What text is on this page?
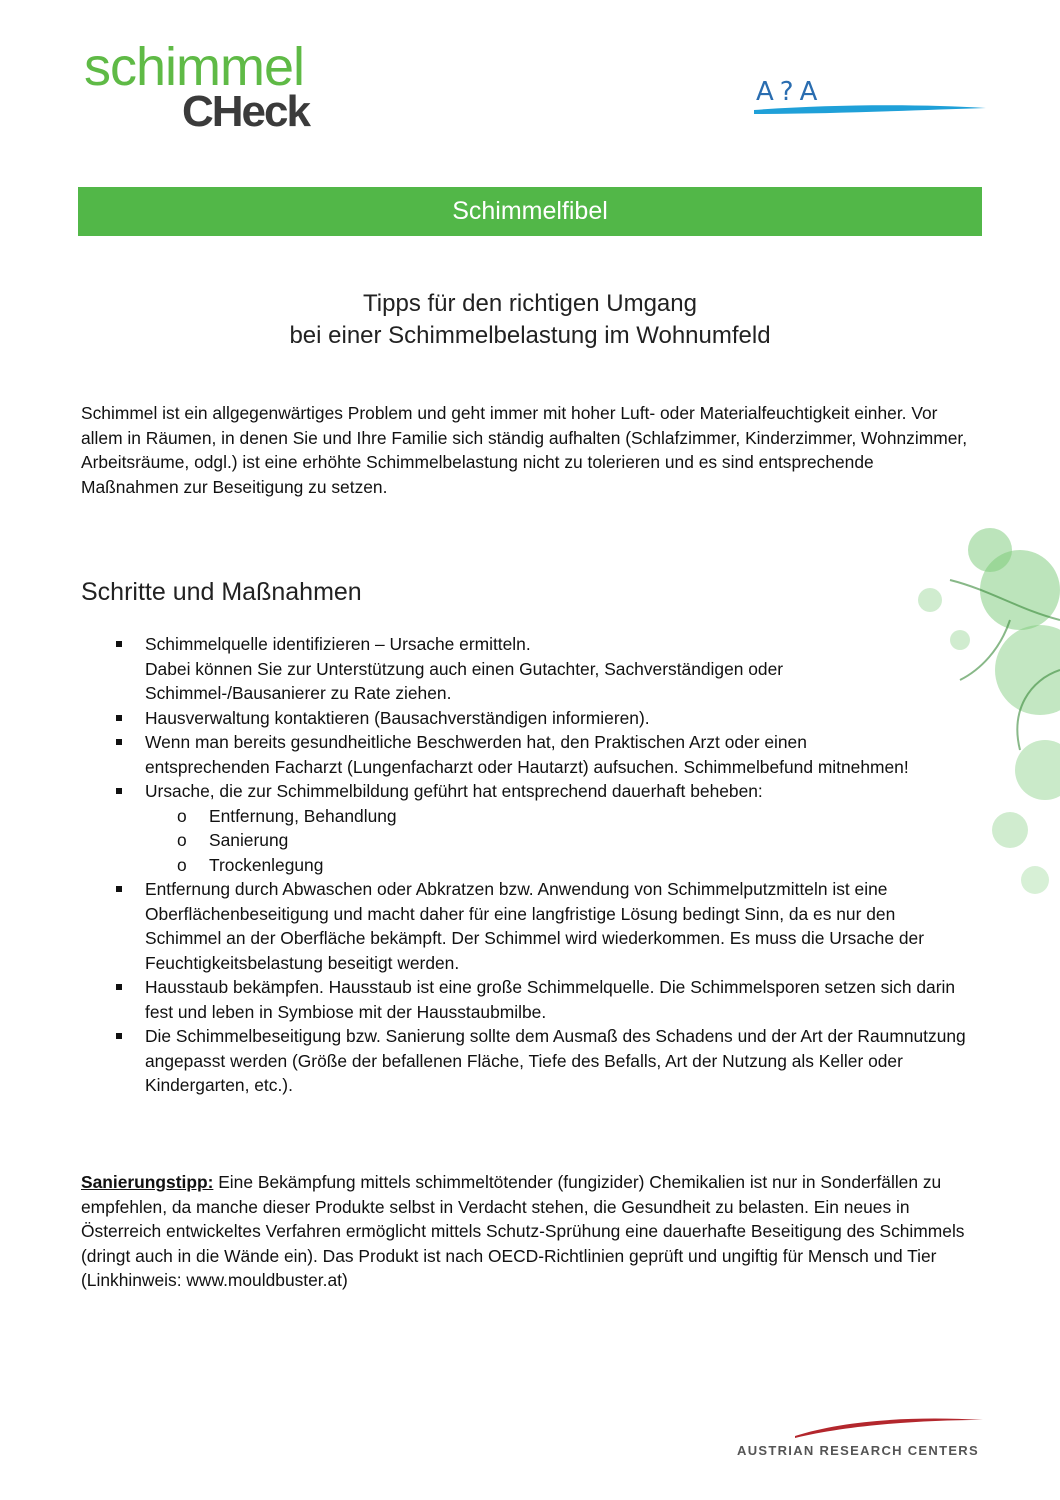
schimmel
CHeck	A?A
Schimmelfibel
Tipps für den richtigen Umgang
bei einer Schimmelbelastung im Wohnumfeld
Schimmel ist ein allgegenwärtiges Problem und geht immer mit hoher Luft- oder Materialfeuchtigkeit einher. Vor
allem in Räumen, in denen Sie und Ihre Familie sich ständig aufhalten (Schlafzimmer, Kinderzimmer, Wohnzimmer,
Arbeitsräume, odgl.) ist eine erhöhte Schimmelbelastung nicht zu tolerieren und es sind entsprechende
Maßnahmen zur Beseitigung zu setzen.
Schritte und Maßnahmen
Schimmelquelle identifizieren – Ursache ermitteln.
Dabei können Sie zur Unterstützung auch einen Gutachter, Sachverständigen oder
Schimmel-/Bausanierer zu Rate ziehen.
Hausverwaltung kontaktieren (Bausachverständigen informieren).
Wenn man bereits gesundheitliche Beschwerden hat, den Praktischen Arzt oder einen
entsprechenden Facharzt (Lungenfacharzt oder Hautarzt) aufsuchen. Schimmelbefund mitnehmen!
Ursache, die zur Schimmelbildung geführt hat entsprechend dauerhaft beheben:
o Entfernung, Behandlung
o Sanierung
o Trockenlegung
Entfernung durch Abwaschen oder Abkratzen bzw. Anwendung von Schimmelputzmitteln ist eine
Oberflächenbeseitigung und macht daher für eine langfristige Lösung bedingt Sinn, da es nur den
Schimmel an der Oberfläche bekämpft. Der Schimmel wird wiederkommen. Es muss die Ursache der
Feuchtigkeitsbelastung beseitigt werden.
Hausstaub bekämpfen. Hausstaub ist eine große Schimmelquelle. Die Schimmelsporen setzen sich darin
fest und leben in Symbiose mit der Hausstaubmilbe.
Die Schimmelbeseitigung bzw. Sanierung sollte dem Ausmaß des Schadens und der Art der Raumnutzung
angepasst werden (Größe der befallenen Fläche, Tiefe des Befalls, Art der Nutzung als Keller oder
Kindergarten, etc.).
Sanierungstipp: Eine Bekämpfung mittels schimmeltötender (fungizider) Chemikalien ist nur in Sonderfällen zu
empfehlen, da manche dieser Produkte selbst in Verdacht stehen, die Gesundheit zu belasten. Ein neues in
Österreich entwickeltes Verfahren ermöglicht mittels Schutz-Sprühung eine dauerhafte Beseitigung des Schimmels
(dringt auch in die Wände ein). Das Produkt ist nach OECD-Richtlinien geprüft und ungiftig für Mensch und Tier
(Linkhinweis: www.mouldbuster.at)
AUSTRIAN RESEARCH CENTERS
